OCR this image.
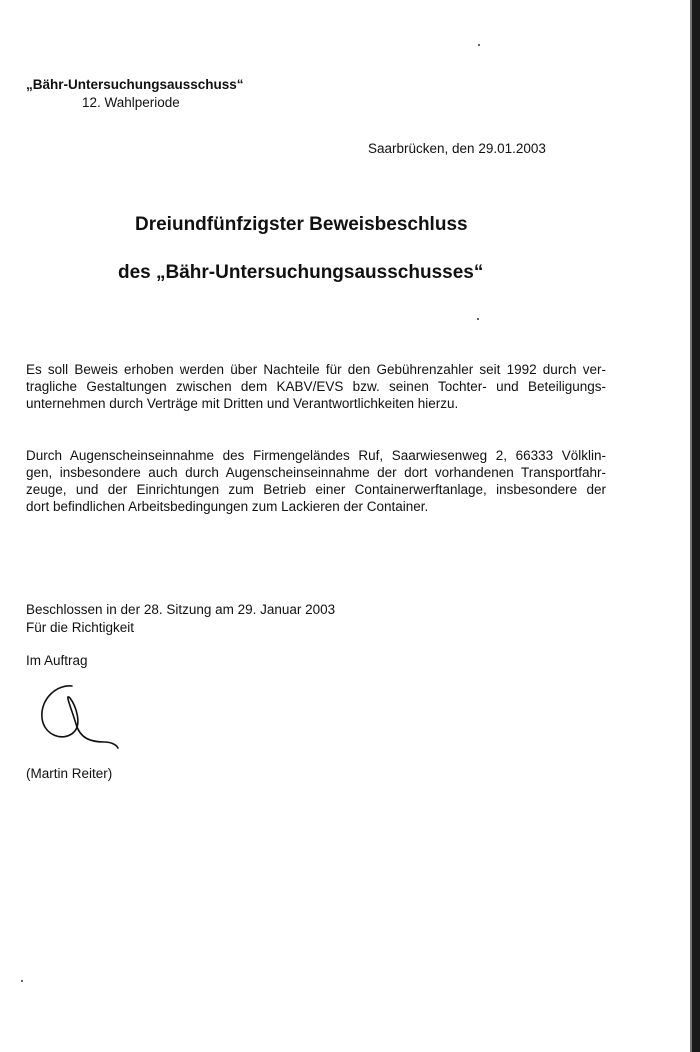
„Bähr-Untersuchungsausschuss“
12. Wahlperiode
Saarbrücken, den 29.01.2003
Dreiundfünfzigster Beweisbeschluss
des „Bähr-Untersuchungsausschusses“
Es soll Beweis erhoben werden über Nachteile für den Gebührenzahler seit 1992 durch ver-
tragliche Gestaltungen zwischen dem KABV/EVS bzw. seinen Tochter- und Beteiligungs-
unternehmen durch Verträge mit Dritten und Verantwortlichkeiten hierzu.
Durch Augenscheinseinnahme des Firmengeländes Ruf, Saarwiesenweg 2, 66333 Völklin-
gen, insbesondere auch durch Augenscheinseinnahme der dort vorhandenen Transportfahr-
zeuge, und der Einrichtungen zum Betrieb einer Containerwerftanlage, insbesondere der
dort befindlichen Arbeitsbedingungen zum Lackieren der Container.
Beschlossen in der 28. Sitzung am 29. Januar 2003
Für die Richtigkeit
Im Auftrag
(Martin Reiter)
